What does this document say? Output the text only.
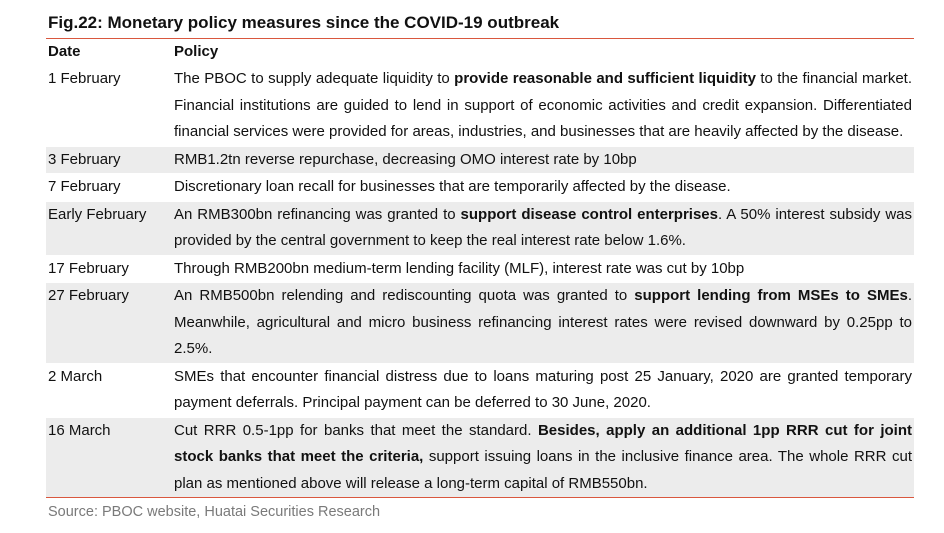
Fig.22: Monetary policy measures since the COVID-19 outbreak
Date	Policy
1 February	The PBOC to supply adequate liquidity to provide reasonable and sufficient liquidity to the financial market. Financial institutions are guided to lend in support of economic activities and credit expansion. Differentiated financial services were provided for areas, industries, and businesses that are heavily affected by the disease.
3 February	RMB1.2tn reverse repurchase, decreasing OMO interest rate by 10bp
7 February	Discretionary loan recall for businesses that are temporarily affected by the disease.
Early February	An RMB300bn refinancing was granted to support disease control enterprises. A 50% interest subsidy was provided by the central government to keep the real interest rate below 1.6%.
17 February	Through RMB200bn medium-term lending facility (MLF), interest rate was cut by 10bp
27 February	An RMB500bn relending and rediscounting quota was granted to support lending from MSEs to SMEs. Meanwhile, agricultural and micro business refinancing interest rates were revised downward by 0.25pp to 2.5%.
2 March	SMEs that encounter financial distress due to loans maturing post 25 January, 2020 are granted temporary payment deferrals. Principal payment can be deferred to 30 June, 2020.
16 March	Cut RRR 0.5-1pp for banks that meet the standard. Besides, apply an additional 1pp RRR cut for joint stock banks that meet the criteria, support issuing loans in the inclusive finance area. The whole RRR cut plan as mentioned above will release a long-term capital of RMB550bn.
Source: PBOC website, Huatai Securities Research
